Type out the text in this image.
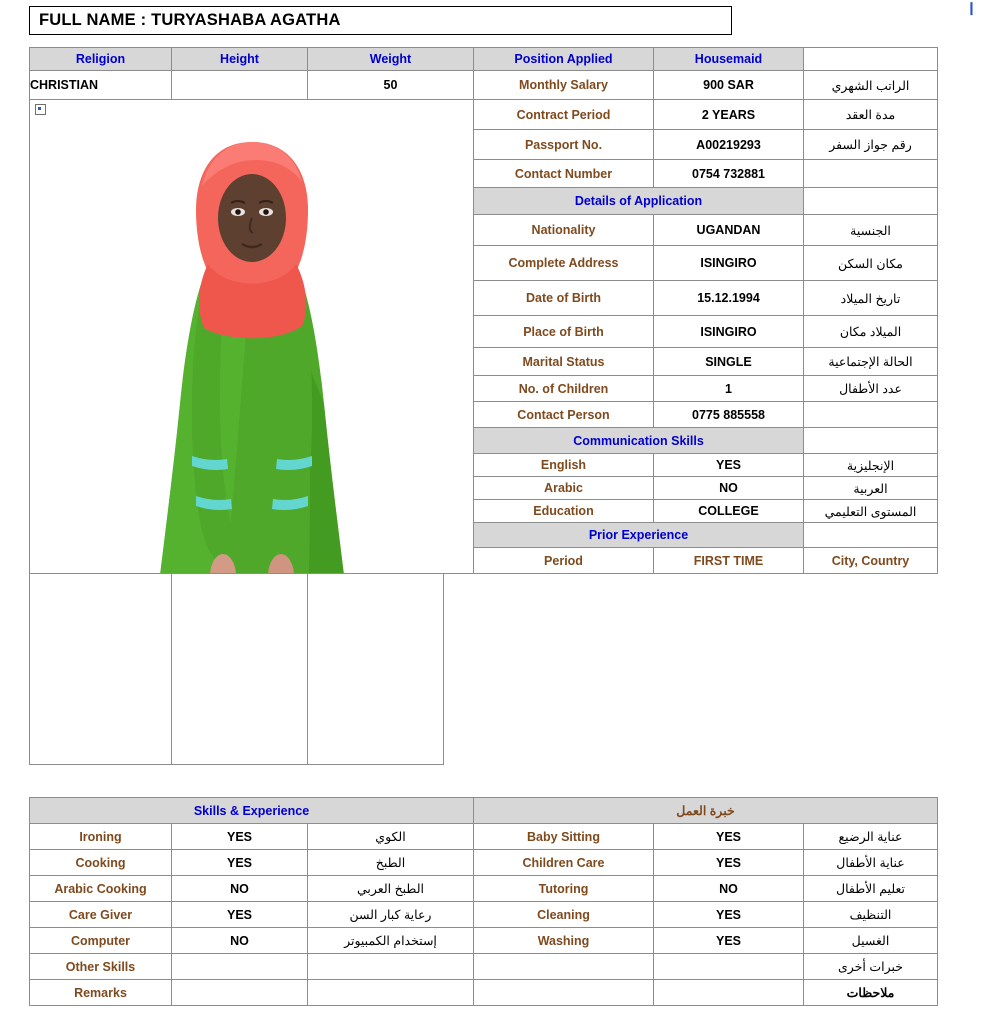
FULL NAME : TURYASHABA AGATHA
❙
Religion	Height	Weight	Position Applied	Housemaid	
CHRISTIAN		50	Monthly Salary	900 SAR	الراتب الشهري

	Contract Period	2 YEARS	مدة العقد
			Passport No.	A00219293	رقم جواز السفر
			Contact Number	0754 732881	
			Details of Application		
			Nationality	UGANDAN	الجنسية
			Complete Address	ISINGIRO	مكان السكن
			Date of Birth	15.12.1994	تاريخ الميلاد
			Place of Birth	ISINGIRO	الميلاد مكان
			Marital Status	SINGLE	الحالة الإجتماعية
			No. of Children	1	عدد الأطفال
			Contact Person	0775 885558	
			Communication Skills		
			English	YES	الإنجليزية
			Arabic	NO	العربية
			Education	COLLEGE	المستوى التعليمي
			Prior Experience		
			Period	FIRST TIME	City, Country

Skills & Experience			خبرة العمل		
Ironing	YES	الكوي	Baby Sitting	YES	عناية الرضيع
Cooking	YES	الطبخ	Children Care	YES	عناية الأطفال
Arabic Cooking	NO	الطبخ العربي	Tutoring	NO	تعليم الأطفال
Care Giver	YES	رعاية كبار السن	Cleaning	YES	التنظيف
Computer	NO	إستخدام الكمبيوتر	Washing	YES	الغسيل
Other Skills					خبرات أخرى
Remarks					ملاحظات
